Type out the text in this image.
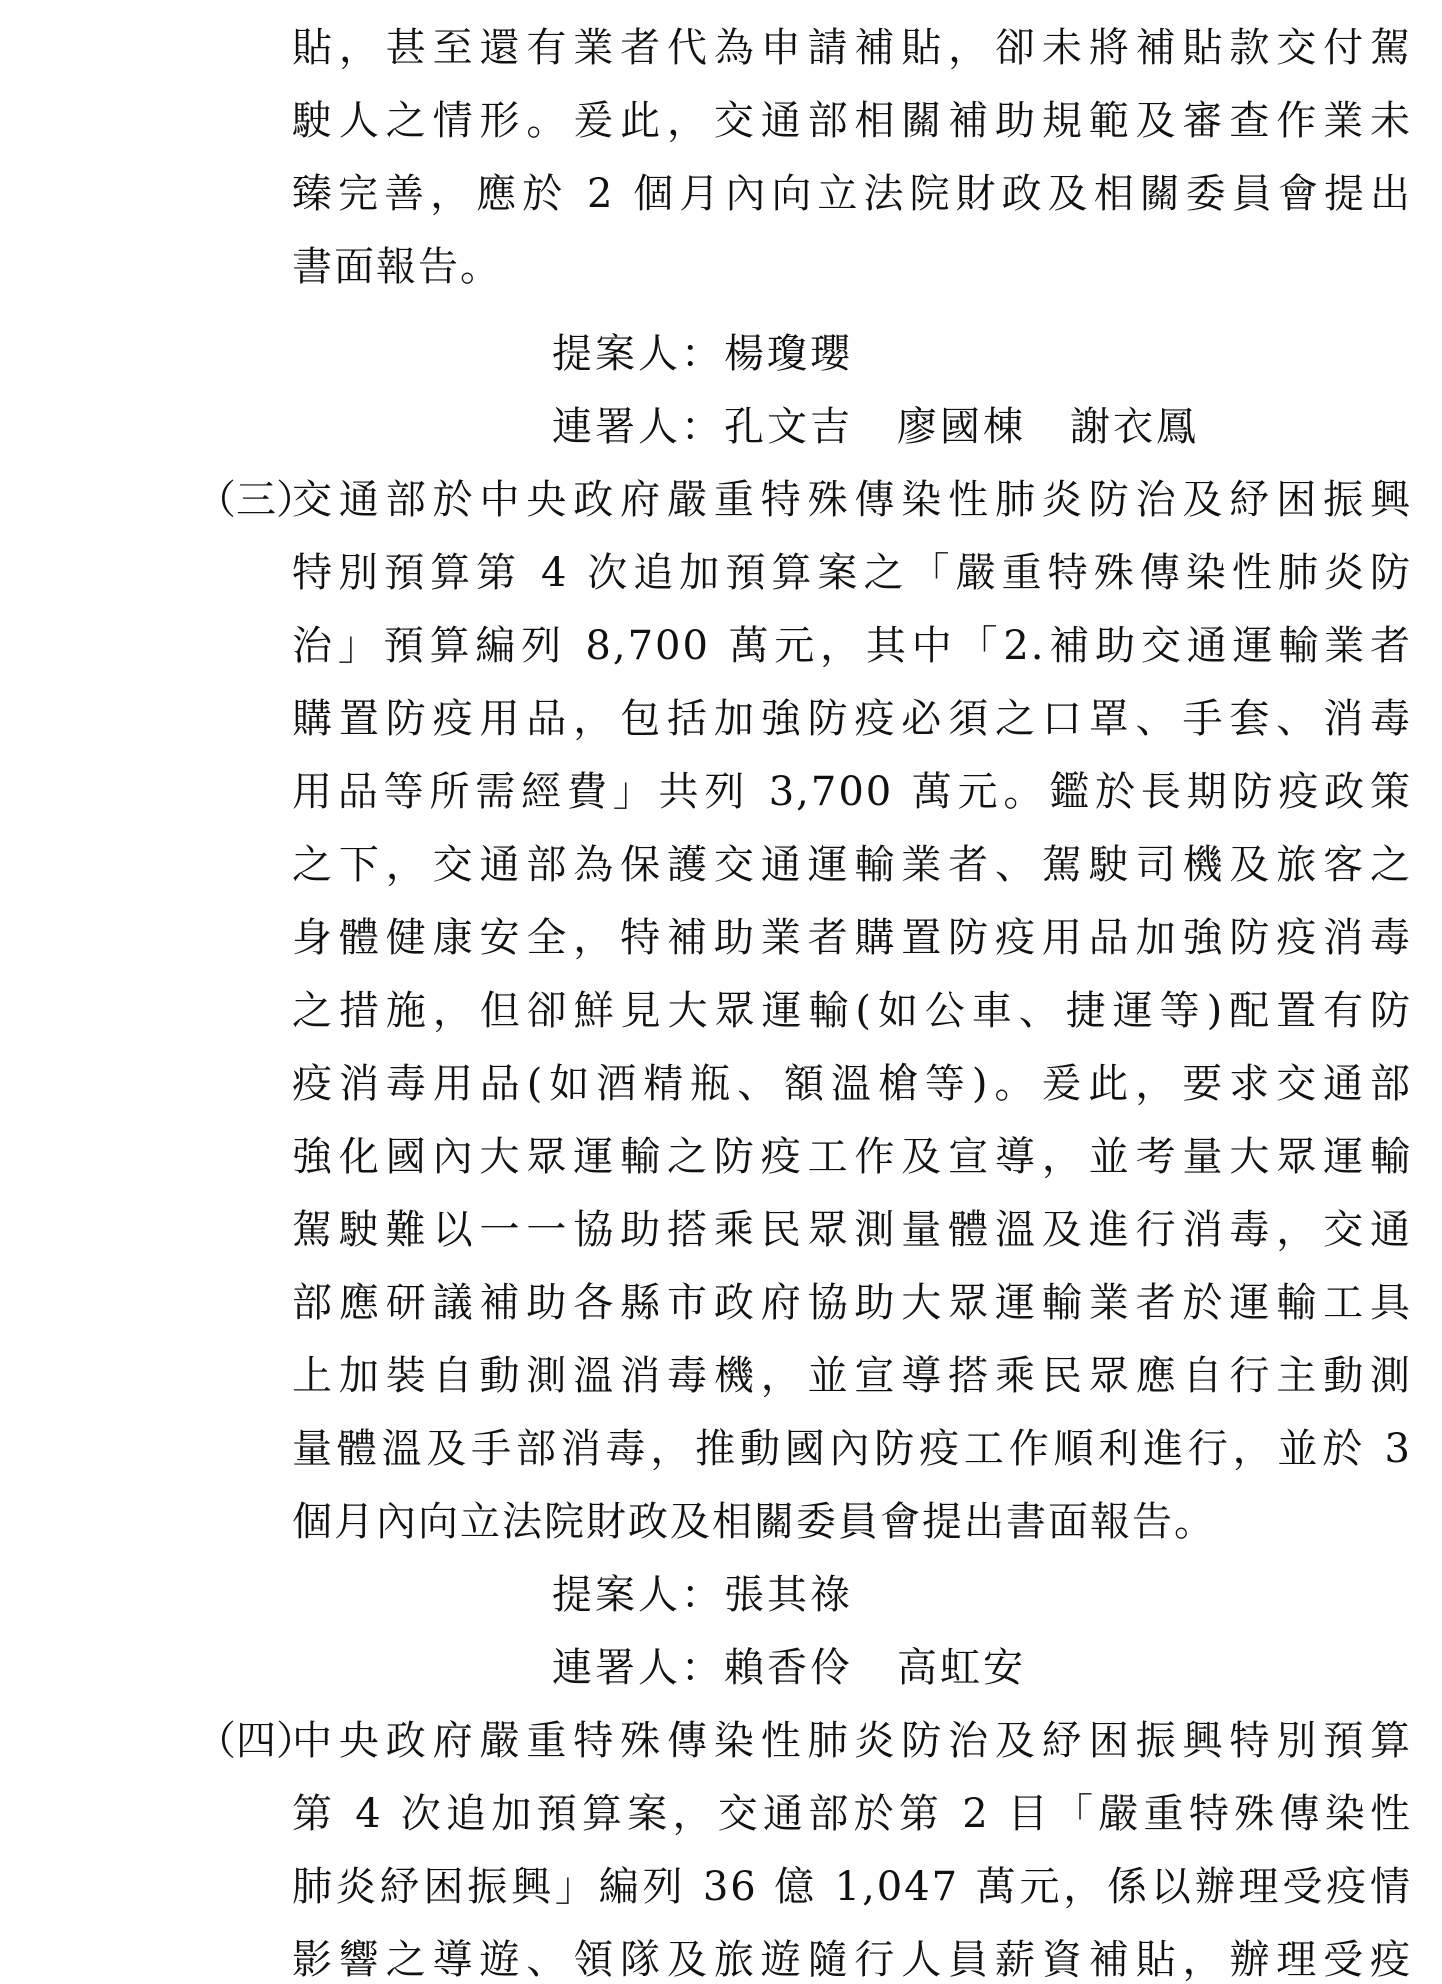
貼，甚至還有業者代為申請補貼，卻未將補貼款交付駕
駛人之情形。爰此，交通部相關補助規範及審查作業未
臻完善，應於 2 個月內向立法院財政及相關委員會提出
書面報告。
提案人：楊瓊瓔
連署人：孔文吉 廖國棟 謝衣鳳
（三）
交通部於中央政府嚴重特殊傳染性肺炎防治及紓困振興
特別預算第 4 次追加預算案之「嚴重特殊傳染性肺炎防
治」預算編列 8,700 萬元，其中「2.補助交通運輸業者
購置防疫用品，包括加強防疫必須之口罩、手套、消毒
用品等所需經費」共列 3,700 萬元。鑑於長期防疫政策
之下，交通部為保護交通運輸業者、駕駛司機及旅客之
身體健康安全，特補助業者購置防疫用品加強防疫消毒
之措施，但卻鮮見大眾運輸(如公車、捷運等)配置有防
疫消毒用品(如酒精瓶、額溫槍等)。爰此，要求交通部
強化國內大眾運輸之防疫工作及宣導，並考量大眾運輸
駕駛難以一一協助搭乘民眾測量體溫及進行消毒，交通
部應研議補助各縣市政府協助大眾運輸業者於運輸工具
上加裝自動測溫消毒機，並宣導搭乘民眾應自行主動測
量體溫及手部消毒，推動國內防疫工作順利進行，並於 3
個月內向立法院財政及相關委員會提出書面報告。
提案人：張其祿
連署人：賴香伶 高虹安
（四）
中央政府嚴重特殊傳染性肺炎防治及紓困振興特別預算
第 4 次追加預算案，交通部於第 2 目「嚴重特殊傳染性
肺炎紓困振興」編列 36 億 1,047 萬元，係以辦理受疫情
影響之導遊、領隊及旅遊隨行人員薪資補貼，辦理受疫
